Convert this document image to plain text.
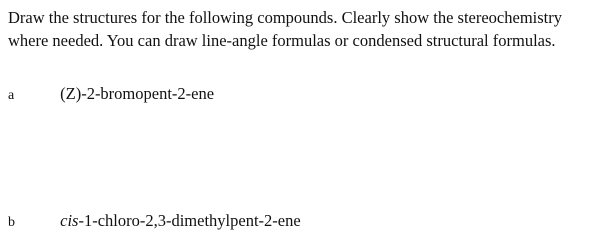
Draw the structures for the following compounds. Clearly show the stereochemistry
where needed. You can draw line-angle formulas or condensed structural formulas.
a	(Z)-2-bromopent-2-ene
b	cis-1-chloro-2,3-dimethylpent-2-ene
